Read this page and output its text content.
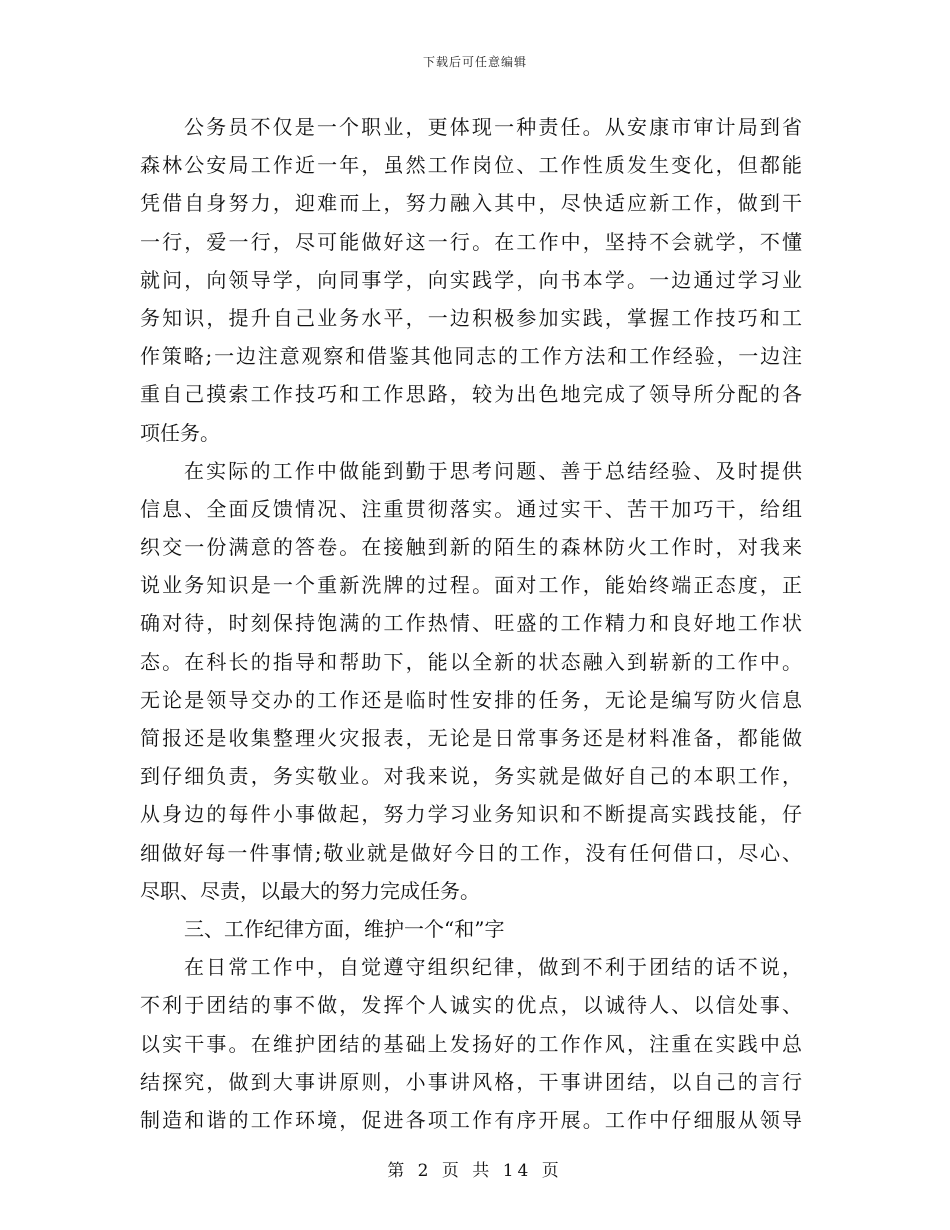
下载后可任意编辑
公务员不仅是一个职业，更体现一种责任。从安康市审计局到省
森林公安局工作近一年，虽然工作岗位、工作性质发生变化，但都能
凭借自身努力，迎难而上，努力融入其中，尽快适应新工作，做到干
一行，爱一行，尽可能做好这一行。在工作中，坚持不会就学，不懂
就问，向领导学，向同事学，向实践学，向书本学。一边通过学习业
务知识，提升自己业务水平，一边积极参加实践，掌握工作技巧和工
作策略;一边注意观察和借鉴其他同志的工作方法和工作经验，一边注
重自己摸索工作技巧和工作思路，较为出色地完成了领导所分配的各
项任务。
在实际的工作中做能到勤于思考问题、善于总结经验、及时提供
信息、全面反馈情况、注重贯彻落实。通过实干、苦干加巧干，给组
织交一份满意的答卷。在接触到新的陌生的森林防火工作时，对我来
说业务知识是一个重新洗牌的过程。面对工作，能始终端正态度，正
确对待，时刻保持饱满的工作热情、旺盛的工作精力和良好地工作状
态。在科长的指导和帮助下，能以全新的状态融入到崭新的工作中。
无论是领导交办的工作还是临时性安排的任务，无论是编写防火信息
简报还是收集整理火灾报表，无论是日常事务还是材料准备，都能做
到仔细负责，务实敬业。对我来说，务实就是做好自己的本职工作，
从身边的每件小事做起，努力学习业务知识和不断提高实践技能，仔
细做好每一件事情;敬业就是做好今日的工作，没有任何借口，尽心、
尽职、尽责，以最大的努力完成任务。
三、工作纪律方面，维护一个“和”字
在日常工作中，自觉遵守组织纪律，做到不利于团结的话不说，
不利于团结的事不做，发挥个人诚实的优点，以诚待人、以信处事、
以实干事。在维护团结的基础上发扬好的工作作风，注重在实践中总
结探究，做到大事讲原则，小事讲风格，干事讲团结，以自己的言行
制造和谐的工作环境，促进各项工作有序开展。工作中仔细服从领导
第 2 页 共 14 页
